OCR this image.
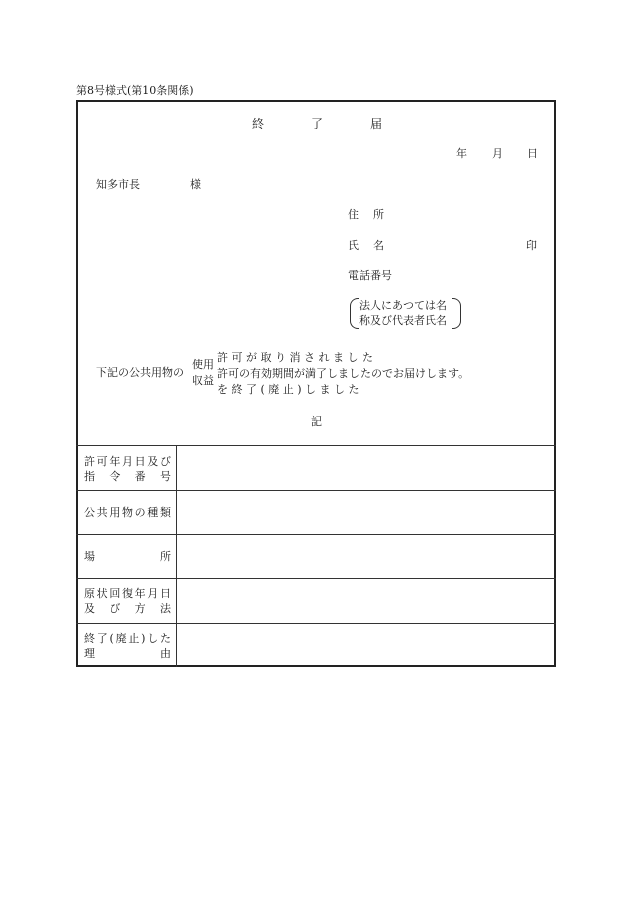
第8号様式(第10条関係)
終	了	届
年 月 日
知多市長	様
住 所
氏 名	印
電話番号
法人にあつては名
称及び代表者氏名
下記の公共用物の
使用
収益
許 可 が 取 り 消 さ れ ま し た
許可の有効期間が満了しましたのでお届けします。
を 終 了 ( 廃 止 ) し ま し た
記
許 可 年 月 日 及 び
指 令 番 号
公 共 用 物 の 種 類
場	所
原 状 回 復 年 月 日
及 び 方 法
終 了 ( 廃 止 ) し た
理	由
